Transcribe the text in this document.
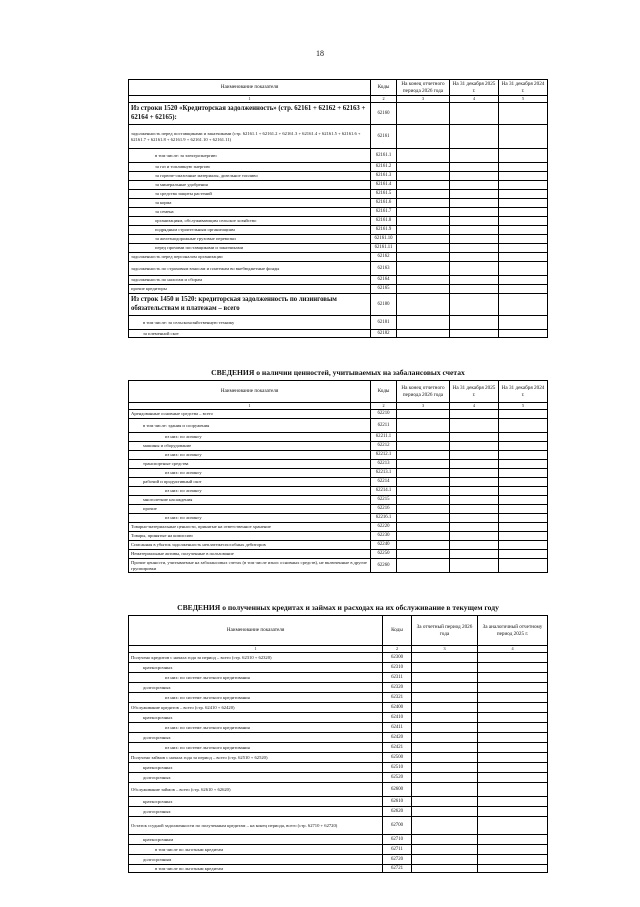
18
Наименование показателя	Коды	На конец отчетного периода 2026 года	На 31 декабря 2025 г.	На 31 декабря 2024 г.
1	2	3	4	5
Из строки 1520 «Кредиторская задолженность» (стр. 62161 + 62162 + 62163 + 62164 + 62165):	62160			
задолженность перед поставщиками и заказчиками (стр. 62161.1 + 62161.2 + 62161.3 + 62161.4 + 62161.5 + 62161.6 + 62161.7 + 62161.8 + 62161.9 + 62161.10 + 62161.11)	62161			
в том числе: за электроэнергию	62161.1			
за газ и топливную энергию	62161.2			
за горюче-смазочные материалы, дизельное топливо	62161.3			
за минеральные удобрения	62161.4			
за средства защиты растений	62161.5			
за корма	62161.6			
за семена	62161.7			
организациям, обслуживающим сельское хозяйство	62161.8			
подрядным строительным организациям	62161.9			
за железнодорожные грузовые перевозки	62161.10			
перед прочими поставщиками и заказчиками	62161.11			
задолженность перед персоналом организации	62162			
задолженность по страховым взносам и платежам во внебюджетные фонды	62163			
задолженность по налогам и сборам	62164			
прочие кредиторы	62165			
Из строк 1450 и 1520: кредиторская задолженность по лизинговым обязательствам и платежам – всего	62180			
в том числе: за сельскохозяйственную технику	62181			
за племенной скот	62182			
СВЕДЕНИЯ о наличии ценностей, учитываемых на забалансовых счетах
Наименование показателя	Коды	На конец отчетного периода 2026 года	На 31 декабря 2025 г.	На 31 декабря 2024 г.
1	2	3	4	5
Арендованные основные средства – всего	62210			
в том числе: здания и сооружения	62211			
из них: по лизингу	62211.1			
машины и оборудование	62212			
из них: по лизингу	62212.1			
транспортные средства	62213			
из них: по лизингу	62213.1			
рабочий и продуктивный скот	62214			
из них: по лизингу	62214.1			
многолетние насаждения	62215			
прочие	62216			
из них: по лизингу	62216.1			
Товарно-материальные ценности, принятые на ответственное хранение	62220			
Товары, принятые на комиссию	62230			
Списанная в убыток задолженность неплатежеспособных дебиторов	62240			
Нематериальные активы, полученные в пользование	62250			
Прочие ценности, учитываемые на забалансовых счетах (в том числе износ основных средств), не включенные в другие группировки	62260			
СВЕДЕНИЯ о полученных кредитах и займах и расходах на их обслуживание в текущем году
Наименование показателя	Коды	За отчетный период 2026 года	За аналогичный отчетному период 2025 г.
1	2	3	4
Получено кредитов с начала года за период – всего (стр. 62310 + 62320)	62300		
краткосрочных	62310		
из них: по системе льготного кредитования	62311		
долгосрочных	62320		
из них: по системе льготного кредитования	62321		
Обслуживание кредитов – всего (стр. 62410 + 62420)	62400		
краткосрочных	62410		
из них: по системе льготного кредитования	62411		
долгосрочных	62420		
из них: по системе льготного кредитования	62421		
Получено займов с начала года за период – всего (стр. 62510 + 62520)	62500		
краткосрочных	62510		
долгосрочных	62520		
Обслуживание займов – всего (стр. 62610 + 62620)	62600		
краткосрочных	62610		
долгосрочных	62620		
Остаток ссудной задолженности по полученным кредитам – на конец периода, всего (стр. 62710 + 62720)	62700		
краткосрочным	62710		
в том числе по льготным кредитам	62711		
долгосрочным	62720		
в том числе по льготным кредитам	62721		
